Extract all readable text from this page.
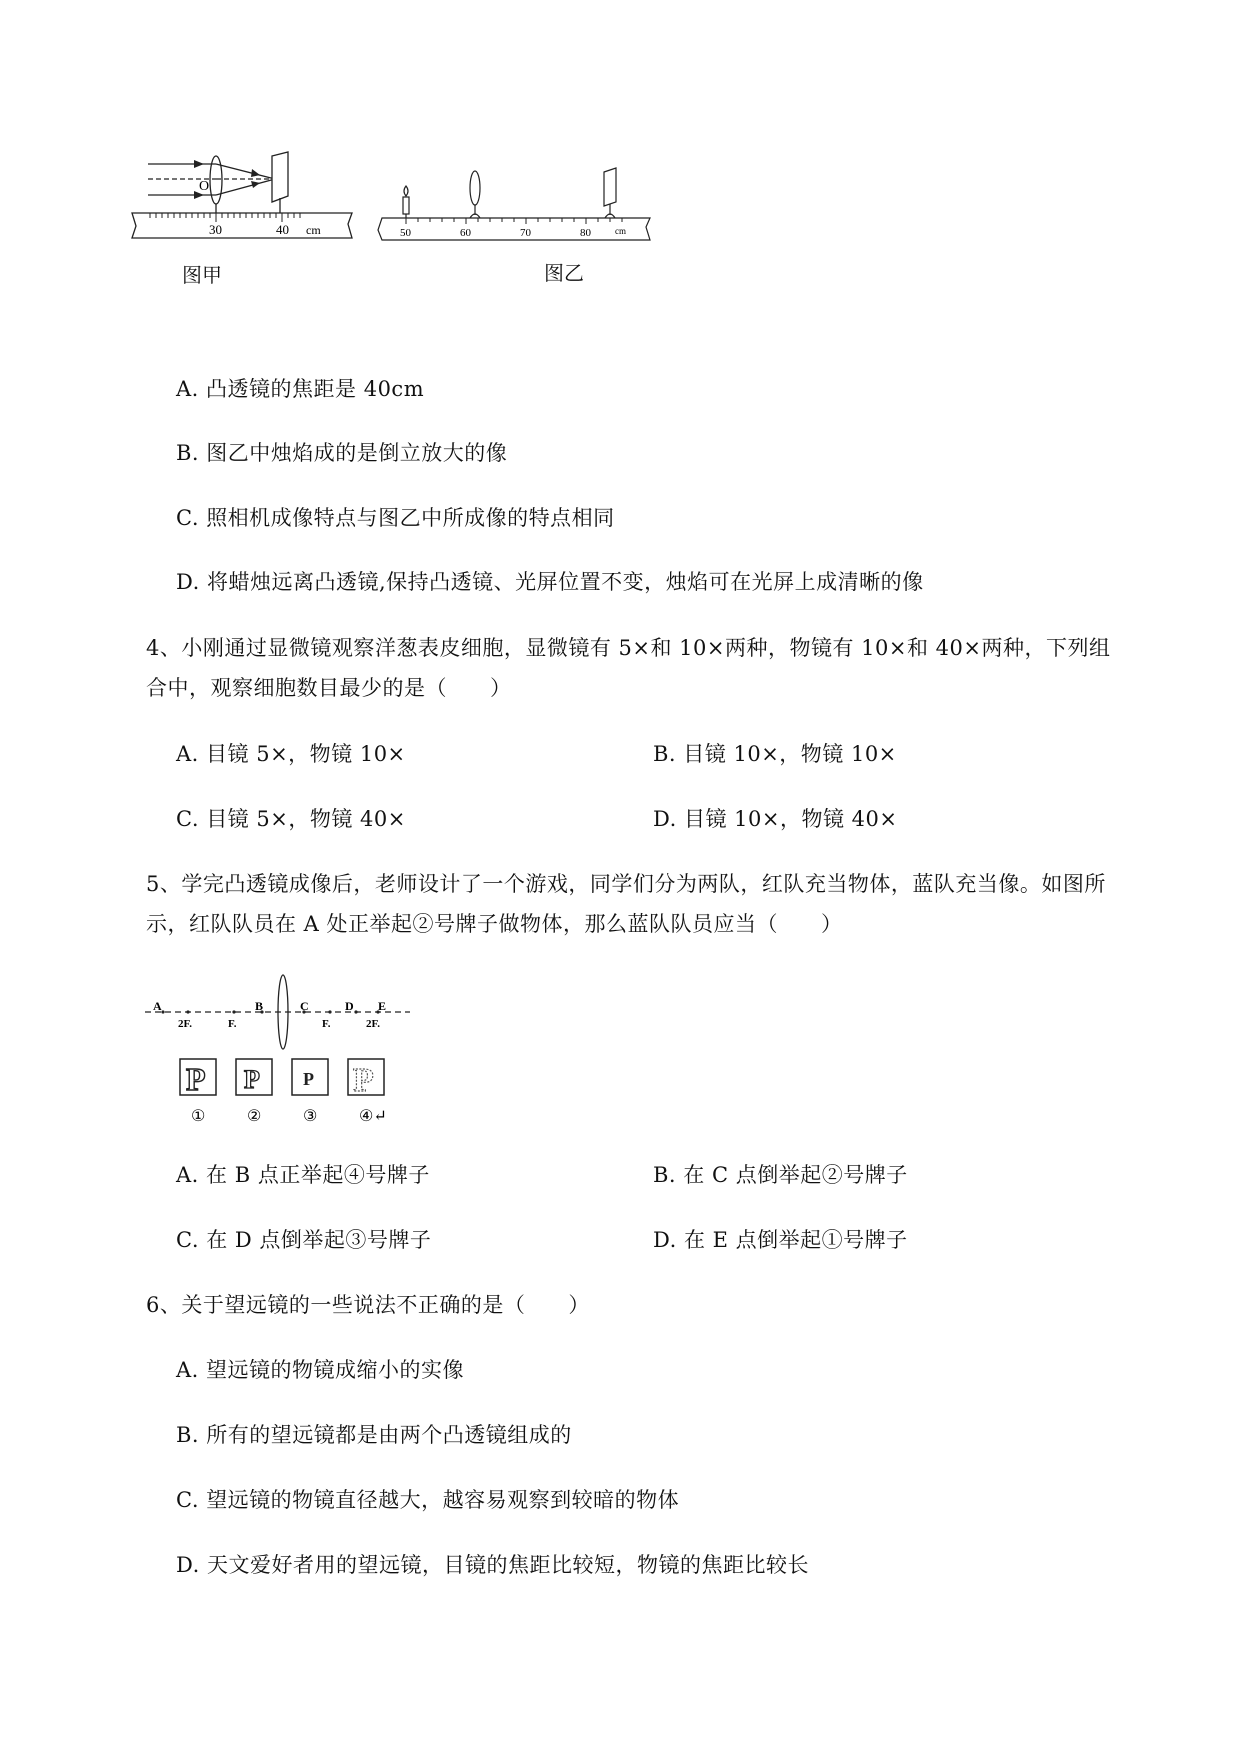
O
30	40 cm
图甲
50	60	70	80	cm
图乙
A. 凸透镜的焦距是 40cm
B. 图乙中烛焰成的是倒立放大的像
C. 照相机成像特点与图乙中所成像的特点相同
D. 将蜡烛远离凸透镜,保持凸透镜、光屏位置不变，烛焰可在光屏上成清晰的像
4、小刚通过显微镜观察洋葱表皮细胞，显微镜有 5×和 10×两种，物镜有 10×和 40×两种，下列组
合中，观察细胞数目最少的是（　　）
A. 目镜 5×，物镜 10×	B. 目镜 10×，物镜 10×
C. 目镜 5×，物镜 40×	D. 目镜 10×，物镜 40×
5、学完凸透镜成像后，老师设计了一个游戏，同学们分为两队，红队充当物体，蓝队充当像。如图所
示，红队队员在 A 处正举起②号牌子做物体，那么蓝队队员应当（　　）
A	B	C	D E
2F.	F.	F.	2F.
P P P P
①	②	③	④↵
A. 在 B 点正举起④号牌子	B. 在 C 点倒举起②号牌子
C. 在 D 点倒举起③号牌子	D. 在 E 点倒举起①号牌子
6、关于望远镜的一些说法不正确的是（　　）
A. 望远镜的物镜成缩小的实像
B. 所有的望远镜都是由两个凸透镜组成的
C. 望远镜的物镜直径越大，越容易观察到较暗的物体
D. 天文爱好者用的望远镜，目镜的焦距比较短，物镜的焦距比较长
